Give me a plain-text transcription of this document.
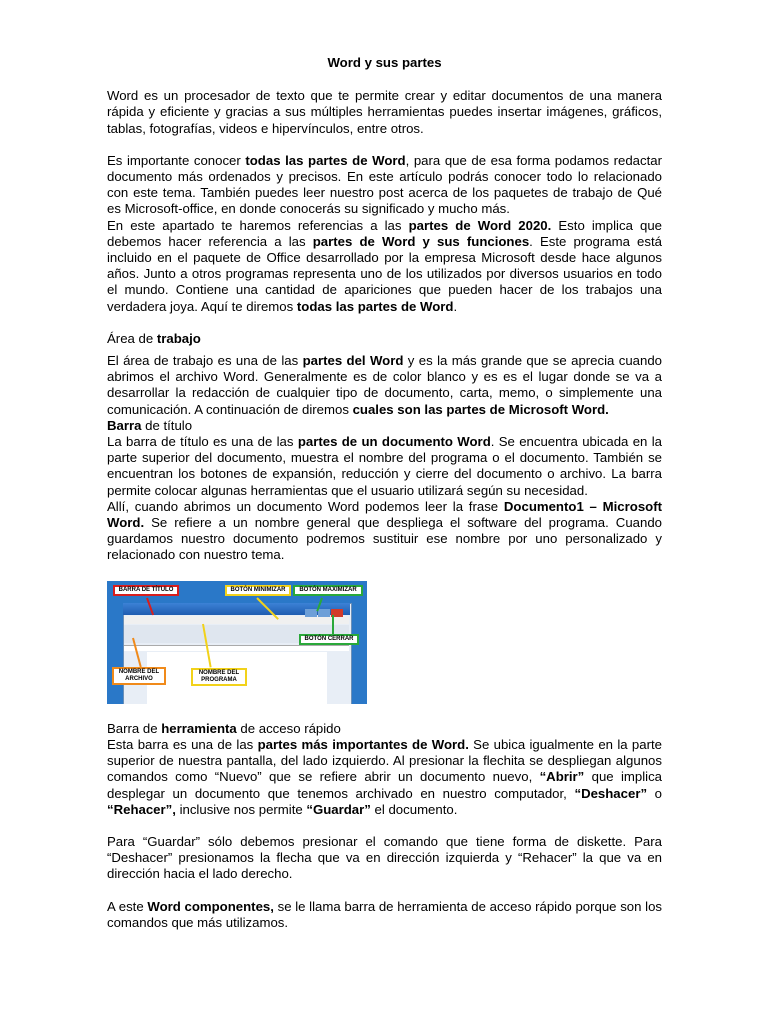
Word y sus partes

Word es un procesador de texto que te permite crear y editar documentos de una manera rápida y eficiente y gracias a sus múltiples herramientas puedes insertar imágenes, gráficos, tablas, fotografías, videos e hipervínculos, entre otros.

Es importante conocer todas las partes de Word, para que de esa forma podamos redactar documento más ordenados y precisos. En este artículo podrás conocer todo lo relacionado con este tema. También puedes leer nuestro post acerca de los paquetes de trabajo de Qué es Microsoft-office, en donde conocerás su significado y mucho más.

En este apartado te haremos referencias a las partes de Word 2020. Esto implica que debemos hacer referencia a las partes de Word y sus funciones. Este programa está incluido en el paquete de Office desarrollado por la empresa Microsoft desde hace algunos años. Junto a otros programas representa uno de los utilizados por diversos usuarios en todo el mundo. Contiene una cantidad de apariciones que pueden hacer de los trabajos una verdadera joya. Aquí te diremos todas las partes de Word.

Área de trabajo

El área de trabajo es una de las partes del Word y es la más grande que se aprecia cuando abrimos el archivo Word. Generalmente es de color blanco y es es el lugar donde se va a desarrollar la redacción de cualquier tipo de documento, carta, memo, o simplemente una comunicación. A continuación de diremos cuales son las partes de Microsoft Word.

Barra de título

La barra de título es una de las partes de un documento Word. Se encuentra ubicada en la parte superior del documento, muestra el nombre del programa o el documento. También se encuentran los botones de expansión, reducción y cierre del documento o archivo. La barra permite colocar algunas herramientas que el usuario utilizará según su necesidad.

Allí, cuando abrimos un documento Word podemos leer la frase Documento1 – Microsoft Word. Se refiere a un nombre general que despliega el software del programa. Cuando guardamos nuestro documento podremos sustituir ese nombre por uno personalizado y relacionado con nuestro tema.

BARRA DE TÍTULO	BOTÓN MINIMIZAR	BOTÓN MAXIMIZAR
BOTÓN CERRAR
NOMBRE DEL ARCHIVO
NOMBRE DEL PROGRAMA

Barra de herramienta de acceso rápido

Esta barra es una de las partes más importantes de Word. Se ubica igualmente en la parte superior de nuestra pantalla, del lado izquierdo. Al presionar la flechita se despliegan algunos comandos como “Nuevo” que se refiere abrir un documento nuevo, “Abrir” que implica desplegar un documento que tenemos archivado en nuestro computador, “Deshacer” o “Rehacer”, inclusive nos permite “Guardar” el documento.

Para “Guardar” sólo debemos presionar el comando que tiene forma de diskette. Para “Deshacer” presionamos la flecha que va en dirección izquierda y “Rehacer” la que va en dirección hacia el lado derecho.

A este Word componentes, se le llama barra de herramienta de acceso rápido porque son los comandos que más utilizamos.
